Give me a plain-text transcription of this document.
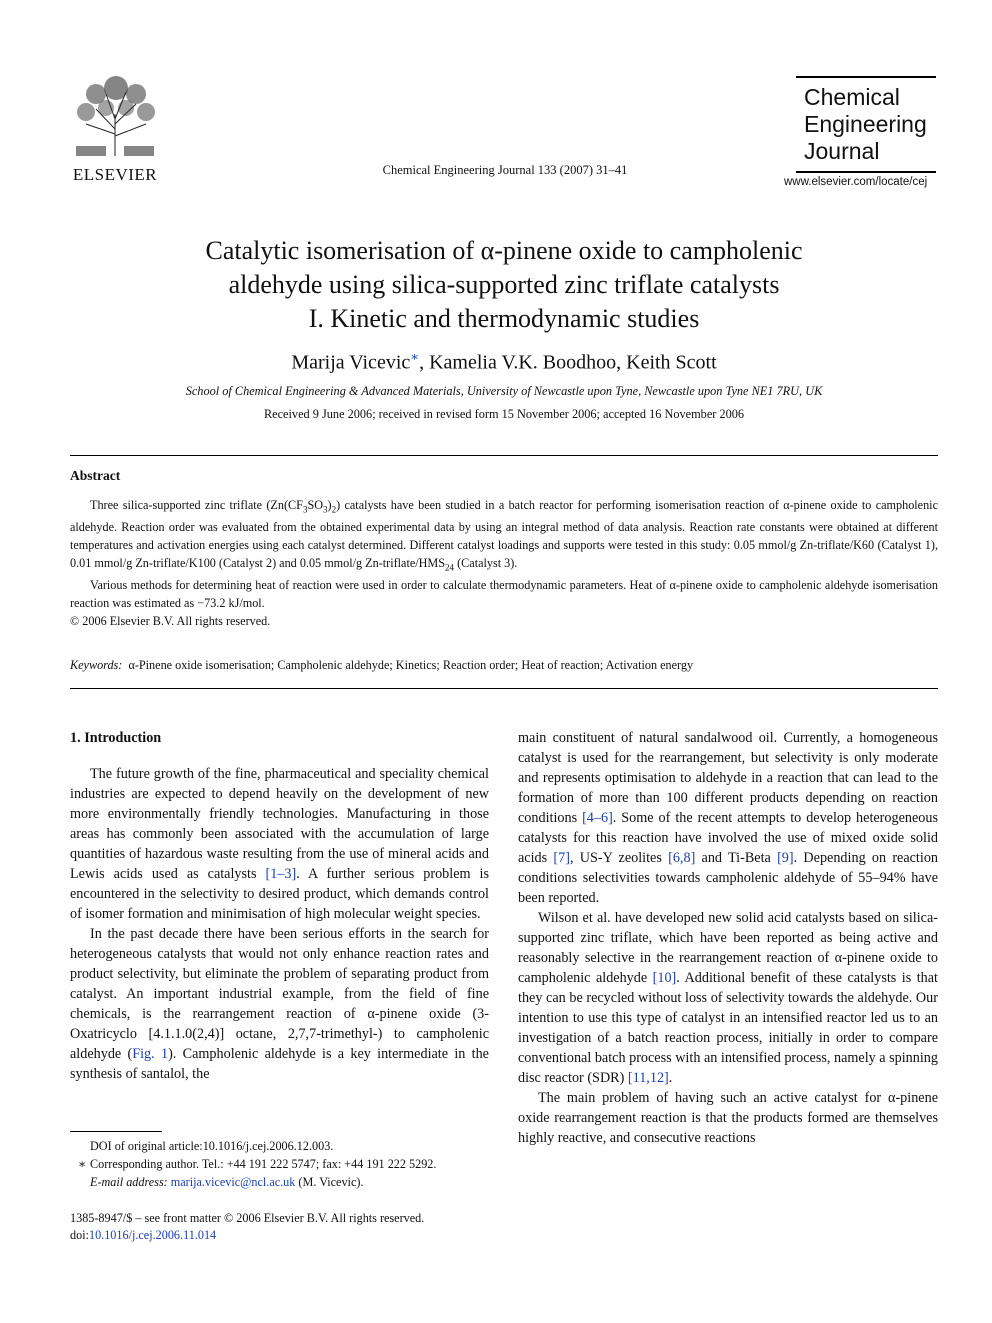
ELSEVIER	Chemical Engineering Journal 133 (2007) 31–41
Chemical
Engineering
Journal
www.elsevier.com/locate/cej
Catalytic isomerisation of α-pinene oxide to campholenic
aldehyde using silica-supported zinc triflate catalysts
I. Kinetic and thermodynamic studies
Marija Vicevic∗, Kamelia V.K. Boodhoo, Keith Scott
School of Chemical Engineering & Advanced Materials, University of Newcastle upon Tyne, Newcastle upon Tyne NE1 7RU, UK
Received 9 June 2006; received in revised form 15 November 2006; accepted 16 November 2006
Abstract

Three silica-supported zinc triflate $(Zn(CF_3SO_3)_2)$ catalysts have been studied in a batch reactor for performing isomerisation reaction of α-pinene oxide to campholenic aldehyde. Reaction order was evaluated from the obtained experimental data by using an integral method of data analysis. Reaction rate constants were obtained at different temperatures and activation energies using each catalyst determined. Different catalyst loadings and supports were tested in this study: 0.05 mmol/g Zn-triflate/K60 (Catalyst 1), 0.01 mmol/g Zn-triflate/K100 (Catalyst 2) and 0.05 mmol/g $Zn-triflate/HMS_{24}$ (Catalyst 3).

Various methods for determining heat of reaction were used in order to calculate thermodynamic parameters. Heat of α-pinene oxide to campholenic aldehyde isomerisation reaction was estimated as −73.2 kJ/mol.

© 2006 Elsevier B.V. All rights reserved.

Keywords: α-Pinene oxide isomerisation; Campholenic aldehyde; Kinetics; Reaction order; Heat of reaction; Activation energy
1. Introduction

The future growth of the fine, pharmaceutical and speciality chemical industries are expected to depend heavily on the development of new more environmentally friendly technologies. Manufacturing in those areas has commonly been associated with the accumulation of large quantities of hazardous waste resulting from the use of mineral acids and Lewis acids used as catalysts [1–3]. A further serious problem is encountered in the selectivity to desired product, which demands control of isomer formation and minimisation of high molecular weight species.

In the past decade there have been serious efforts in the search for heterogeneous catalysts that would not only enhance reaction rates and product selectivity, but eliminate the problem of separating product from catalyst. An important industrial example, from the field of fine chemicals, is the rearrangement reaction of α-pinene oxide (3-Oxatricyclo [4.1.1.0(2,4)] octane, 2,7,7-trimethyl-) to campholenic aldehyde (Fig. 1). Campholenic aldehyde is a key intermediate in the synthesis of santalol, the

main constituent of natural sandalwood oil. Currently, a homogeneous catalyst is used for the rearrangement, but selectivity is only moderate and represents optimisation to aldehyde in a reaction that can lead to the formation of more than 100 different products depending on reaction conditions [4–6]. Some of the recent attempts to develop heterogeneous catalysts for this reaction have involved the use of mixed oxide solid acids [7], US-Y zeolites [6,8] and Ti-Beta [9]. Depending on reaction conditions selectivities towards campholenic aldehyde of 55–94% have been reported.

Wilson et al. have developed new solid acid catalysts based on silica-supported zinc triflate, which have been reported as being active and reasonably selective in the rearrangement reaction of α-pinene oxide to campholenic aldehyde [10]. Additional benefit of these catalysts is that they can be recycled without loss of selectivity towards the aldehyde. Our intention to use this type of catalyst in an intensified reactor led us to an investigation of a batch reaction process, initially in order to compare conventional batch process with an intensified process, namely a spinning disc reactor (SDR) [11,12].

The main problem of having such an active catalyst for α-pinene oxide rearrangement reaction is that the products formed are themselves highly reactive, and consecutive reactions

DOI of original article:10.1016/j.cej.2006.12.003.
∗ Corresponding author. Tel.: +44 191 222 5747; fax: +44 191 222 5292.
E-mail address: marija.vicevic@ncl.ac.uk (M. Vicevic).
1385-8947/$ – see front matter © 2006 Elsevier B.V. All rights reserved.
doi:10.1016/j.cej.2006.11.014
